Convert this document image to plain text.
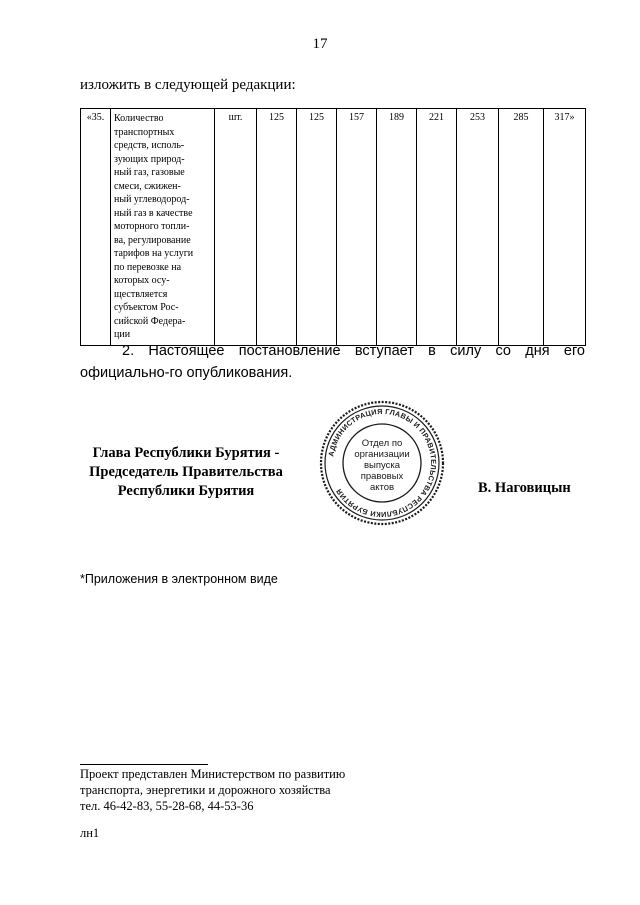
17
изложить в следующей редакции:
«35.	Количество
транспортных
средств, исполь-
зующих природ-
ный газ, газовые
смеси, сжижен-
ный углеводород-
ный газ в качестве
моторного топли-
ва, регулирование
тарифов на услуги
по перевозке на
которых осу-
ществляется
субъектом Рос-
сийской Федера-
ции
	шт.	125	125	157	189	221	253	285	317»
2. Настоящее постановление вступает в силу со дня его официально-го опубликования.
Глава Республики Бурятия -
Председатель Правительства
Республики Бурятия
АДМИНИСТРАЦИЯ ГЛАВЫ И ПРАВИТЕЛЬСТВА РЕСПУБЛИКИ БУРЯТИЯ
Отдел по
организации
выпуска
правовых
актов	В. Наговицын
*Приложения в электронном виде
Проект представлен Министерством по развитию
транспорта, энергетики и дорожного хозяйства
тел. 46-42-83, 55-28-68, 44-53-36
лн1
